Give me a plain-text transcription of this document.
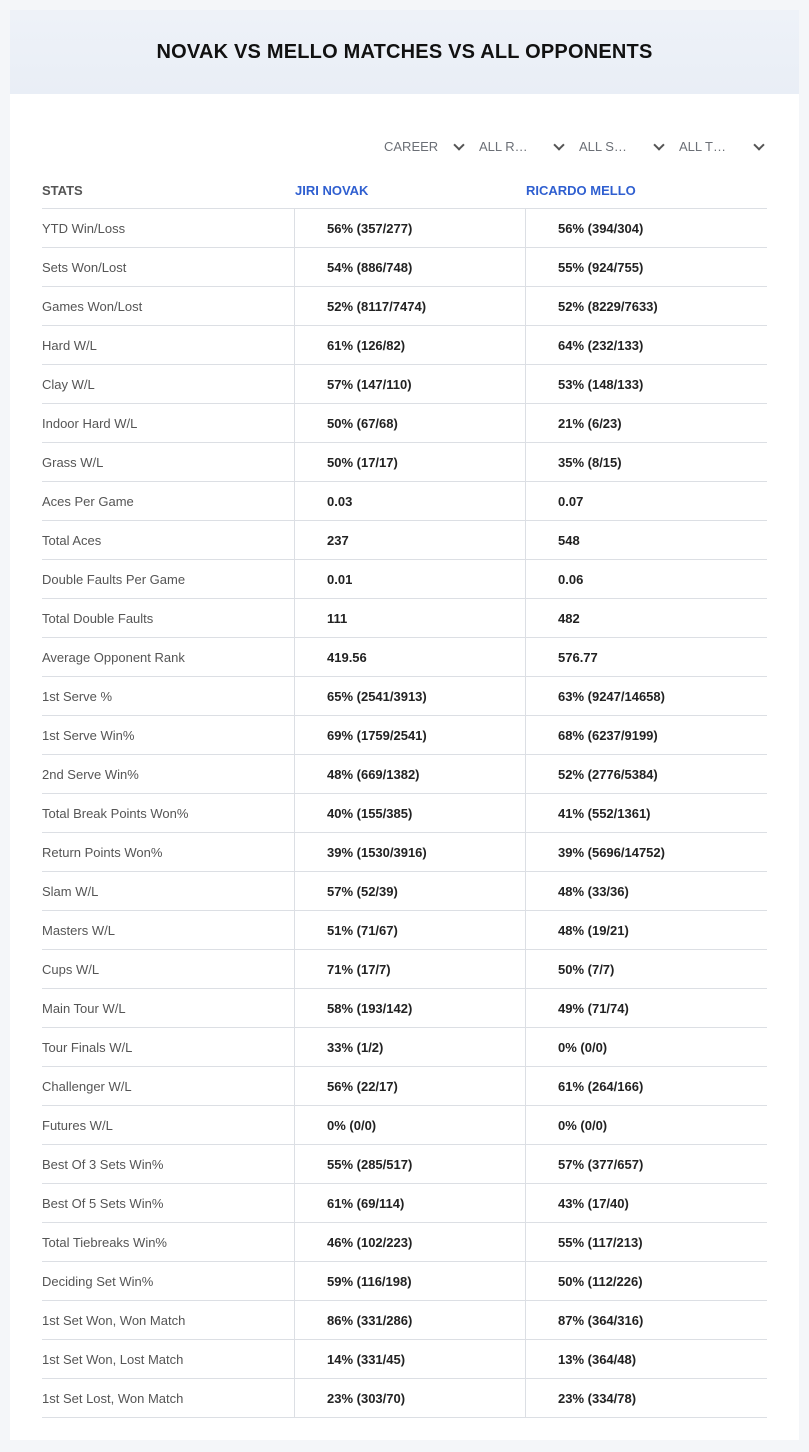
NOVAK VS MELLO MATCHES VS ALL OPPONENTS
CAREER	ALL R…	ALL S…	ALL T…
STATS	JIRI NOVAK	RICARDO MELLO
YTD Win/Loss	56% (357/277)	56% (394/304)
Sets Won/Lost	54% (886/748)	55% (924/755)
Games Won/Lost	52% (8117/7474)	52% (8229/7633)
Hard W/L	61% (126/82)	64% (232/133)
Clay W/L	57% (147/110)	53% (148/133)
Indoor Hard W/L	50% (67/68)	21% (6/23)
Grass W/L	50% (17/17)	35% (8/15)
Aces Per Game	0.03	0.07
Total Aces	237	548
Double Faults Per Game	0.01	0.06
Total Double Faults	111	482
Average Opponent Rank	419.56	576.77
1st Serve %	65% (2541/3913)	63% (9247/14658)
1st Serve Win%	69% (1759/2541)	68% (6237/9199)
2nd Serve Win%	48% (669/1382)	52% (2776/5384)
Total Break Points Won%	40% (155/385)	41% (552/1361)
Return Points Won%	39% (1530/3916)	39% (5696/14752)
Slam W/L	57% (52/39)	48% (33/36)
Masters W/L	51% (71/67)	48% (19/21)
Cups W/L	71% (17/7)	50% (7/7)
Main Tour W/L	58% (193/142)	49% (71/74)
Tour Finals W/L	33% (1/2)	0% (0/0)
Challenger W/L	56% (22/17)	61% (264/166)
Futures W/L	0% (0/0)	0% (0/0)
Best Of 3 Sets Win%	55% (285/517)	57% (377/657)
Best Of 5 Sets Win%	61% (69/114)	43% (17/40)
Total Tiebreaks Win%	46% (102/223)	55% (117/213)
Deciding Set Win%	59% (116/198)	50% (112/226)
1st Set Won, Won Match	86% (331/286)	87% (364/316)
1st Set Won, Lost Match	14% (331/45)	13% (364/48)
1st Set Lost, Won Match	23% (303/70)	23% (334/78)
